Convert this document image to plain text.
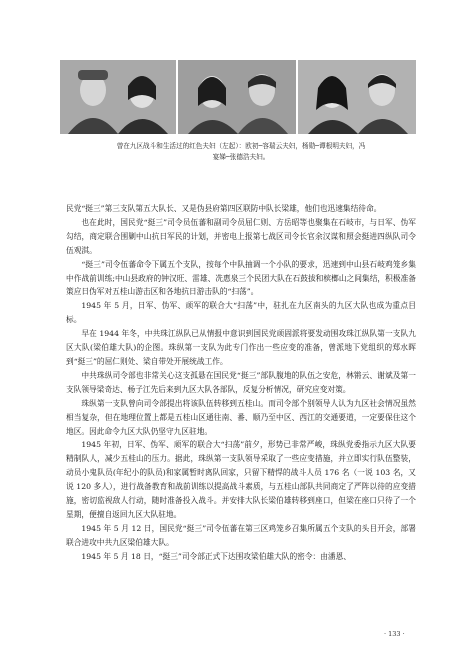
曾在九区战斗和生活过的红色夫妇（左起）：欧初─容瑞云夫妇，杨勋─谭根明夫妇，冯
宴娣─张德浩夫妇。

民党“挺三”第三支队第五大队长、又是伪县府第四区联防中队长梁雄，他们也迅速集结待命。

也在此时，国民党“挺三”司令员伍蕃和副司令员屈仁则、方岳昭等也聚集在石岐市，与日军、伪军勾结，商定联合围剿中山抗日军民的计划，并密电上报第七战区司令长官余汉谋和照会挺进四纵队司令伍观淇。

“挺三”司令伍蕃命令下属五个支队，按每个中队抽调一个小队的要求，迅速到中山县石岐鸡笼乡集中作战前训练;中山县政府的钟汉旺、雷雄、冼惠泉三个民团大队在石鼓拔和槟榔山之间集结，积极准备策应日伪军对五桂山游击区和各地抗日游击队的“扫荡”。

1945 年 5 月，日军、伪军、顽军的联合大“扫荡”中，驻扎在九区南头的九区大队也成为重点目标。

早在 1944 年冬，中共珠江纵队已从情报中意识到国民党顽固派将要发动围攻珠江纵队第一支队九区大队(梁伯雄大队)的企图。珠纵第一支队为此专门作出一些应变的准备，曾派地下党组织的郑水晖到“挺三”的屈仁则处、梁自带处开展统战工作。

中共珠纵司令部也非常关心这支孤悬在国民党“挺三”部队腹地的队伍之安危，林锵云、谢斌及第一支队领导梁奇达、杨子江先后来到九区大队各部队，反复分析情况，研究应变对策。

珠纵第一支队曾向司令部提出将该队伍转移到五桂山。而司令部个别领导人认为九区社会情况虽然相当复杂，但在地理位置上都是五桂山区通往南、番、顺乃至中区、西江的交通要道，一定要保住这个地区。因此命令九区大队仍坚守九区驻地。

1945 年初，日军、伪军、顽军的联合大“扫荡”前夕，形势已非常严峻，珠纵党委指示九区大队要精制队人，减少五桂山的压力。据此，珠纵第一支队领导采取了一些应变措施，并立即实行队伍整装，动员小鬼队员(年纪小的队员)和家属暂时离队回家，只留下精悍的战斗人员 176 名（一说 103 名，又说 120 多人），进行战备教育和战前训练以提高战斗素质，与五桂山部队共同商定了严阵以待的应变措施，密切监视敌人行动，随时准备投入战斗。并安排大队长梁伯雄转移到座口，但梁在座口只待了一个星期，便擅自返回九区大队驻地。

1945 年 5 月 12 日，国民党“挺三”司令伍蕃在第三区鸡笼乡召集所属五个支队的头目开会，部署联合进攻中共九区梁伯雄大队。

1945 年 5 月 18 日，“挺三”司令部正式下达围攻梁伯雄大队的密令：由潘恩、

· 133 ·
